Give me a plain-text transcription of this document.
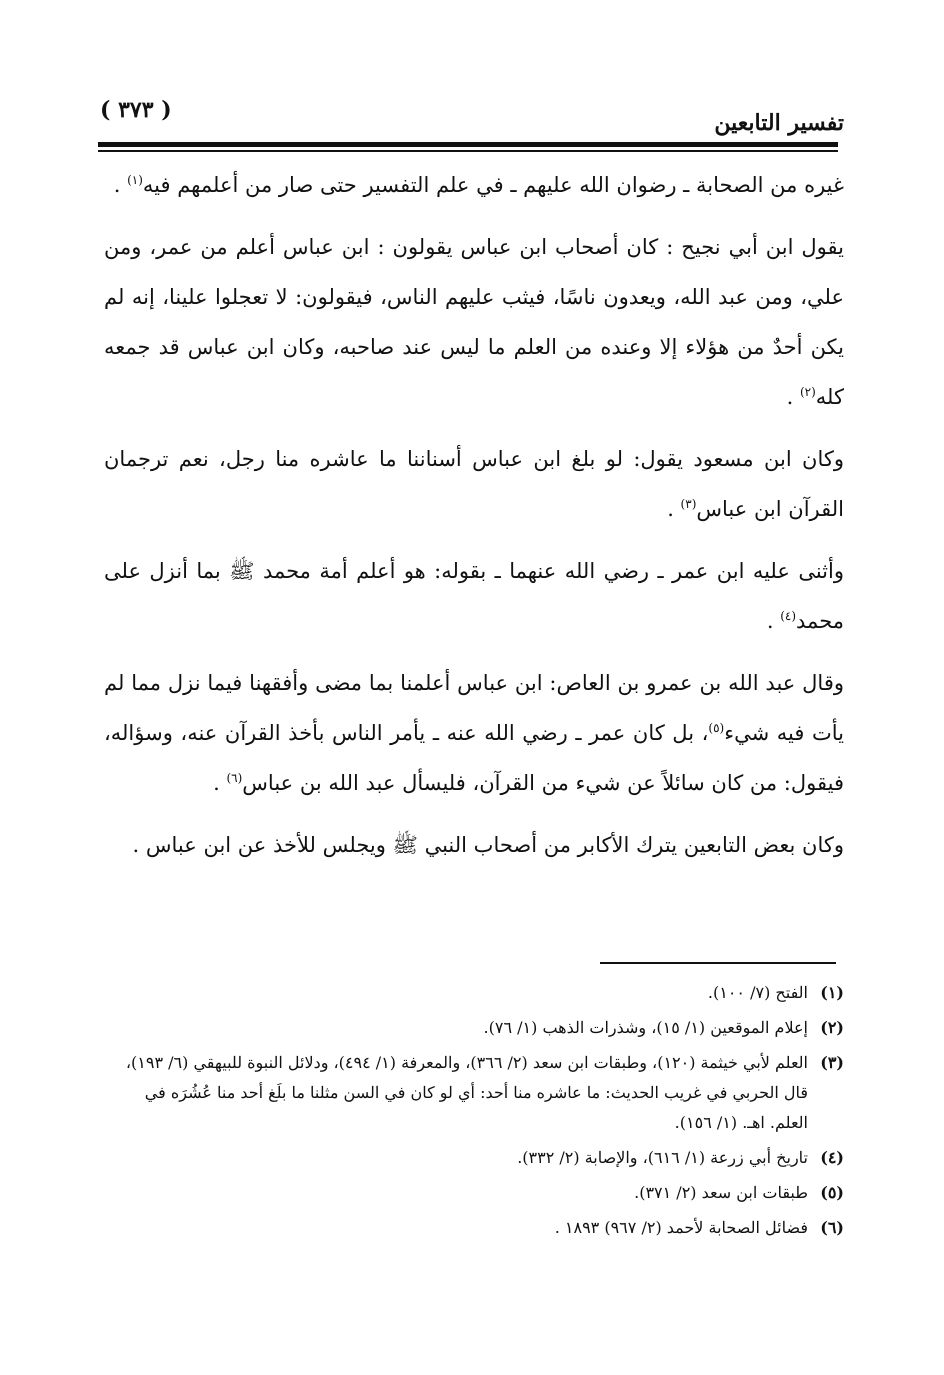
( ٣٧٣ )	تفسير التابعين

غيره من الصحابة ـ رضوان الله عليهم ـ في علم التفسير حتى صار من أعلمهم فيه$^{(١)}$ .

يقول ابن أبي نجيح : كان أصحاب ابن عباس يقولون : ابن عباس أعلم من عمر، ومن علي، ومن عبد الله، ويعدون ناسًا، فيثب عليهم الناس، فيقولون: لا تعجلوا علينا، إنه لم يكن أحدٌ من هؤلاء إلا وعنده من العلم ما ليس عند صاحبه، وكان ابن عباس قد جمعه كله$^{(٢)}$ .

وكان ابن مسعود يقول: لو بلغ ابن عباس أسناننا ما عاشره منا رجل، نعم ترجمان القرآن ابن عباس$^{(٣)}$ .

وأثنى عليه ابن عمر ـ رضي الله عنهما ـ بقوله: هو أعلم أمة محمد ﷺ بما أنزل على محمد$^{(٤)}$ .

وقال عبد الله بن عمرو بن العاص: ابن عباس أعلمنا بما مضى وأفقهنا فيما نزل مما لم يأت فيه شيء$^{(٥)}$، بل كان عمر ـ رضي الله عنه ـ يأمر الناس بأخذ القرآن عنه، وسؤاله، فيقول: من كان سائلاً عن شيء من القرآن، فليسأل عبد الله بن عباس$^{(٦)}$ .

وكان بعض التابعين يترك الأكابر من أصحاب النبي ﷺ ويجلس للأخذ عن ابن عباس .

(١)
الفتح (٧/ ١٠٠).
(٢)
إعلام الموقعين (١/ ١٥)، وشذرات الذهب (١/ ٧٦).
(٣)
العلم لأبي خيثمة (١٢٠)، وطبقات ابن سعد (٢/ ٣٦٦)، والمعرفة (١/ ٤٩٤)، ودلائل النبوة للبيهقي (٦/ ١٩٣)، قال الحربي في غريب الحديث: ما عاشره منا أحد: أي لو كان في السن مثلنا ما بلَغ أحد منا عُشُرَه في العلم. اهـ. (١/ ١٥٦).
(٤)
تاريخ أبي زرعة (١/ ٦١٦)، والإصابة (٢/ ٣٣٢).
(٥)
طبقات ابن سعد (٢/ ٣٧١).
(٦)
فضائل الصحابة لأحمد (٢/ ٩٦٧) ١٨٩٣ .
